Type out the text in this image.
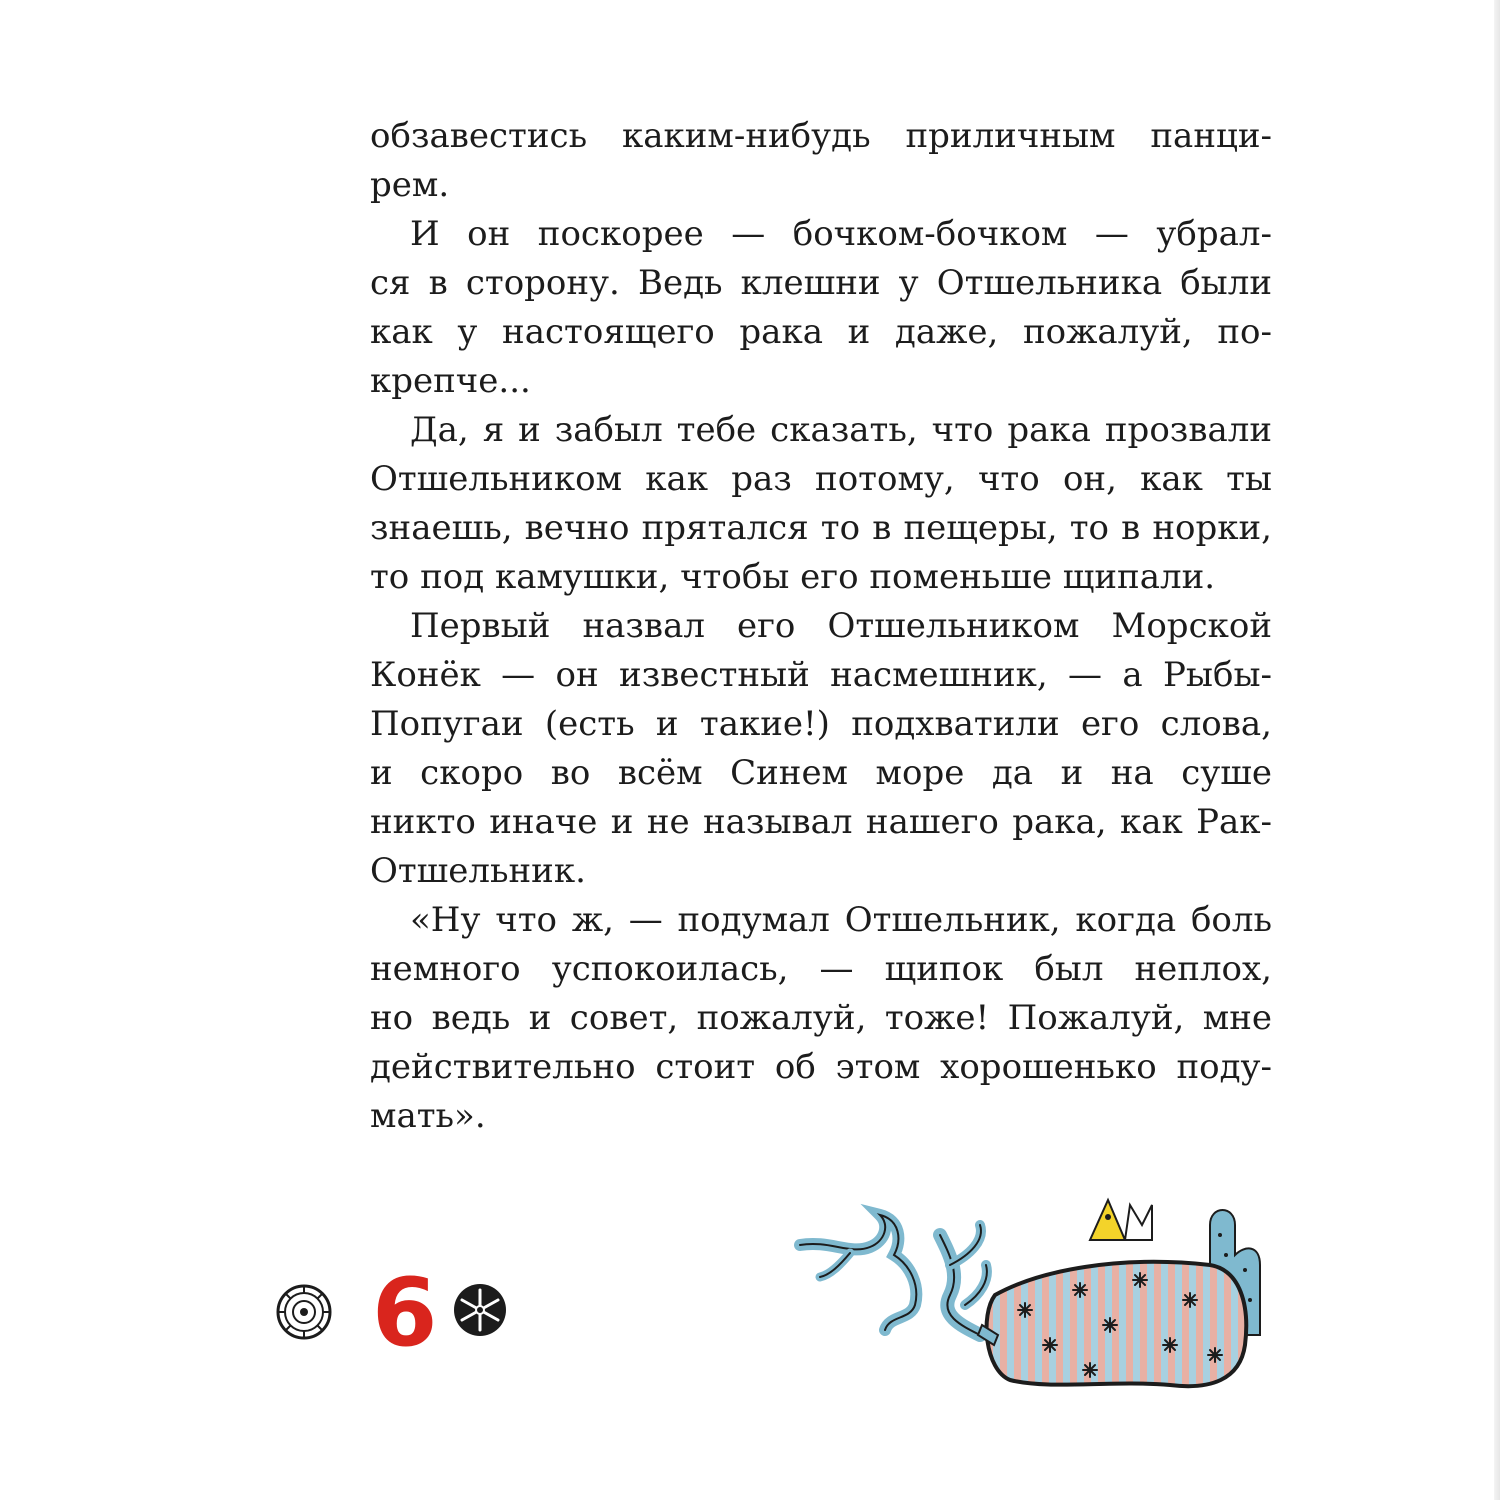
обзавестись каким-нибудь приличным панци-
рем.
И он поскорее — бочком-бочком — убрал-
ся в сторону. Ведь клешни у Отшельника были
как у настоящего рака и даже, пожалуй, по-
крепче...
Да, я и забыл тебе сказать, что рака прозвали
Отшельником как раз потому, что он, как ты
знаешь, вечно прятался то в пещеры, то в норки,
то под камушки, чтобы его поменьше щипали.
Первый назвал его Отшельником Морской
Конёк — он известный насмешник, — а Рыбы-
Попугаи (есть и такие!) подхватили его слова,
и скоро во всём Синем море да и на суше
никто иначе и не называл нашего рака, как Рак-
Отшельник.
«Ну что ж, — подумал Отшельник, когда боль
немного успокоилась, — щипок был неплох,
но ведь и совет, пожалуй, тоже! Пожалуй, мне
действительно стоит об этом хорошенько поду-
мать».
6
